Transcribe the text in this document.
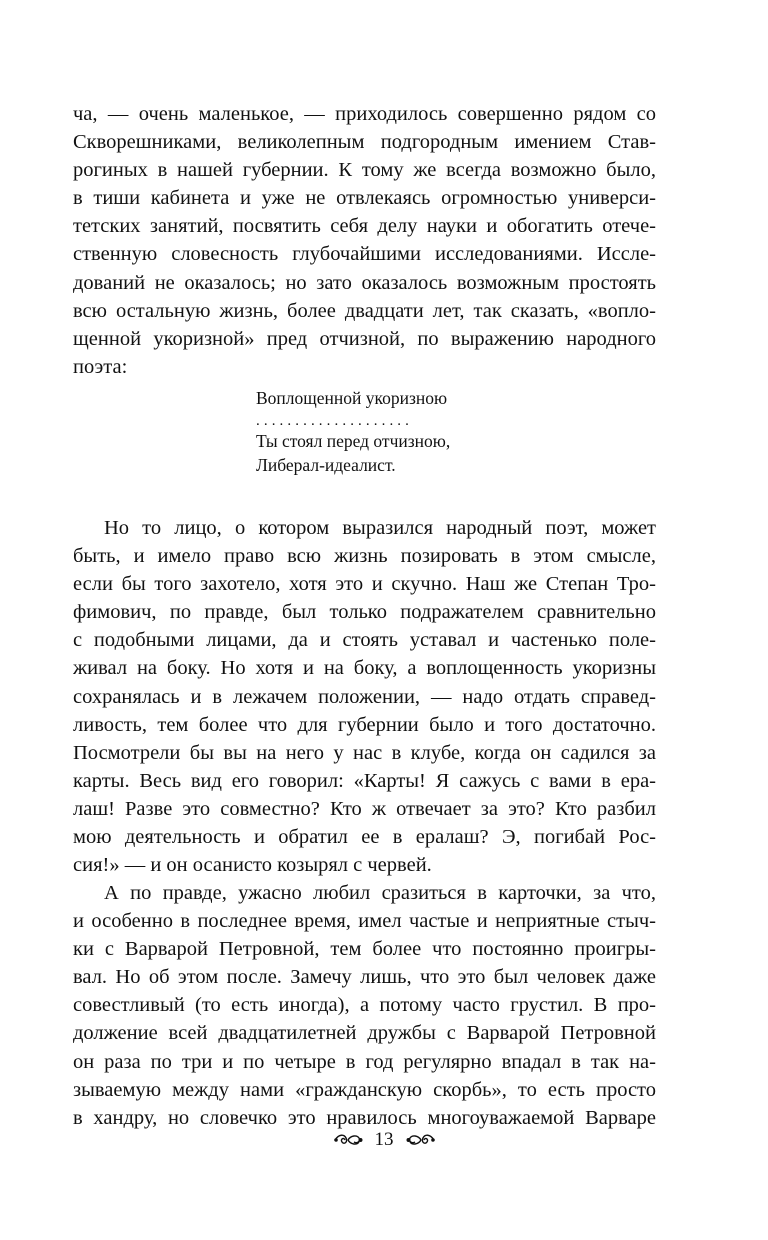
ча, — очень маленькое, — приходилось совершенно рядом со
Скворешниками, великолепным подгородным имением Став-
рогиных в нашей губернии. К тому же всегда возможно было,
в тиши кабинета и уже не отвлекаясь огромностью универси-
тетских занятий, посвятить себя делу науки и обогатить отече-
ственную словесность глубочайшими исследованиями. Иссле-
дований не оказалось; но зато оказалось возможным простоять
всю остальную жизнь, более двадцати лет, так сказать, «вопло-
щенной укоризной» пред отчизной, по выражению народного
поэта:
Воплощенной укоризною
....................
Ты стоял перед отчизною,
Либерал-идеалист.
Но то лицо, о котором выразился народный поэт, может
быть, и имело право всю жизнь позировать в этом смысле,
если бы того захотело, хотя это и скучно. Наш же Степан Тро-
фимович, по правде, был только подражателем сравнительно
с подобными лицами, да и стоять уставал и частенько поле-
живал на боку. Но хотя и на боку, а воплощенность укоризны
сохранялась и в лежачем положении, — надо отдать справед-
ливость, тем более что для губернии было и того достаточно.
Посмотрели бы вы на него у нас в клубе, когда он садился за
карты. Весь вид его говорил: «Карты! Я сажусь с вами в ера-
лаш! Разве это совместно? Кто ж отвечает за это? Кто разбил
мою деятельность и обратил ее в ералаш? Э, погибай Рос-
сия!» — и он осанисто козырял с червей.
А по правде, ужасно любил сразиться в карточки, за что,
и особенно в последнее время, имел частые и неприятные стыч-
ки с Варварой Петровной, тем более что постоянно проигры-
вал. Но об этом после. Замечу лишь, что это был человек даже
совестливый (то есть иногда), а потому часто грустил. В про-
должение всей двадцатилетней дружбы с Варварой Петровной
он раза по три и по четыре в год регулярно впадал в так на-
зываемую между нами «гражданскую скорбь», то есть просто
в хандру, но словечко это нравилось многоуважаемой Варваре
13
